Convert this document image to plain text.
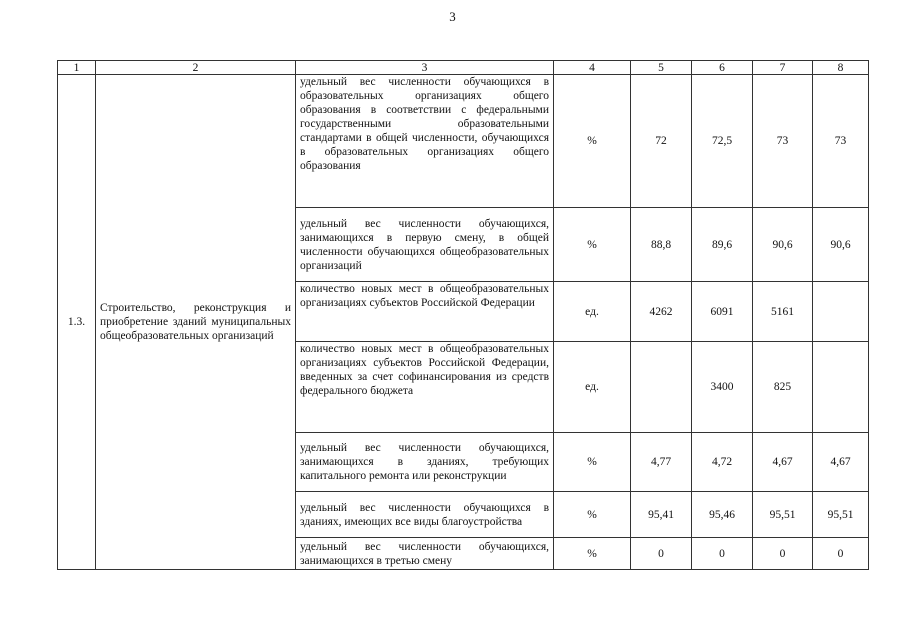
3
1	2	3	4	5	6	7	8
1.3.	Строительство, реконструкция и приобретение зданий муниципальных общеобразовательных организаций	удельный вес численности обучающихся в образовательных организациях общего образования в соответствии с федеральными государственными образовательными стандартами в общей численности, обучающихся в образовательных организациях общего образования	%	72	72,5	73	73
		удельный вес численности обучающихся, занимающихся в первую смену, в общей численности обучающихся общеобразовательных организаций	%	88,8	89,6	90,6	90,6
		количество новых мест в общеобразовательных организациях субъектов Российской Федерации	ед.	4262	6091	5161	
		количество новых мест в общеобразовательных организациях субъектов Российской Федерации, введенных за счет софинансирования из средств федерального бюджета	ед.		3400	825	
		удельный вес численности обучающихся, занимающихся в зданиях, требующих капитального ремонта или реконструкции	%	4,77	4,72	4,67	4,67
		удельный вес численности обучающихся в зданиях, имеющих все виды благоустройства	%	95,41	95,46	95,51	95,51
		удельный вес численности обучающихся, занимающихся в третью смену	%	0	0	0	0
